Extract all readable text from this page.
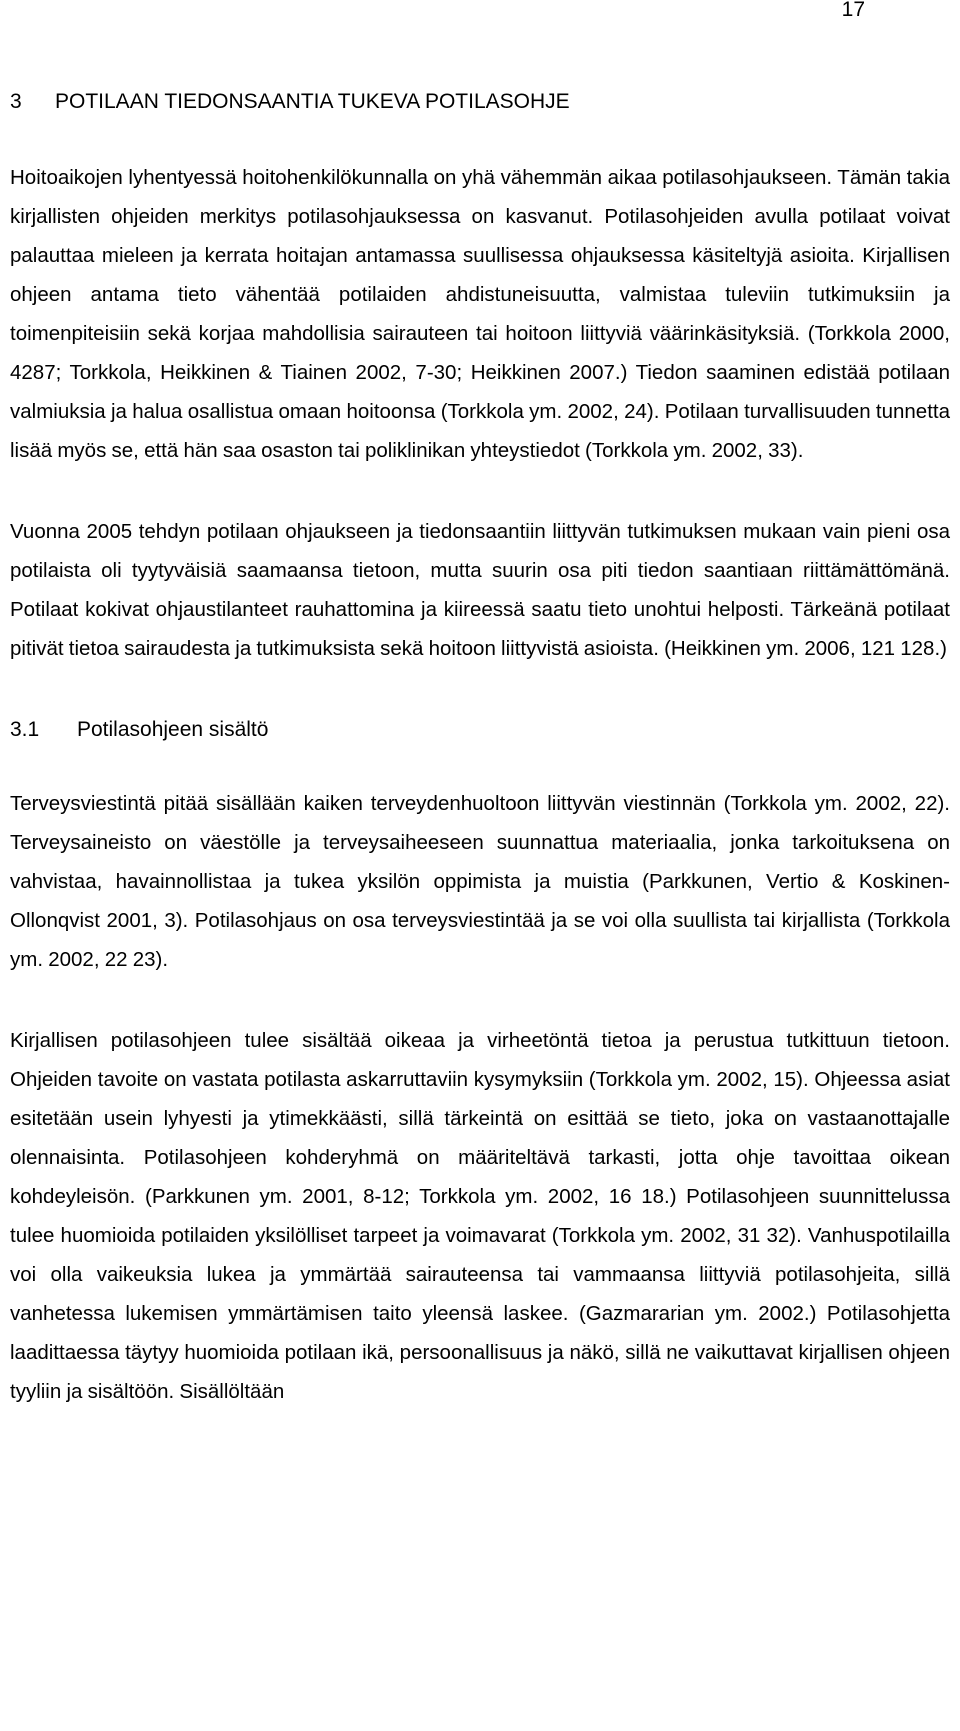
17
3 POTILAAN TIEDONSAANTIA TUKEVA POTILASOHJE

Hoitoaikojen lyhentyessä hoitohenkilökunnalla on yhä vähemmän aikaa potilasohjaukseen. Tämän takia kirjallisten ohjeiden merkitys potilasohjauksessa on kasvanut. Potilasohjeiden avulla potilaat voivat palauttaa mieleen ja kerrata hoitajan antamassa suullisessa ohjauksessa käsiteltyjä asioita. Kirjallisen ohjeen antama tieto vähentää potilaiden ahdistuneisuutta, valmistaa tuleviin tutkimuksiin ja toimenpiteisiin sekä korjaa mahdollisia sairauteen tai hoitoon liittyviä väärinkäsityksiä. (Torkkola 2000, 4287; Torkkola, Heikkinen & Tiainen 2002, 7-30; Heikkinen 2007.) Tiedon saaminen edistää potilaan valmiuksia ja halua osallistua omaan hoitoonsa (Torkkola ym. 2002, 24). Potilaan turvallisuuden tunnetta lisää myös se, että hän saa osaston tai poliklinikan yhteystiedot (Torkkola ym. 2002, 33).

Vuonna 2005 tehdyn potilaan ohjaukseen ja tiedonsaantiin liittyvän tutkimuksen mukaan vain pieni osa potilaista oli tyytyväisiä saamaansa tietoon, mutta suurin osa piti tiedon saantiaan riittämättömänä. Potilaat kokivat ohjaustilanteet rauhattomina ja kiireessä saatu tieto unohtui helposti. Tärkeänä potilaat pitivät tietoa sairaudesta ja tutkimuksista sekä hoitoon liittyvistä asioista. (Heikkinen ym. 2006, 121 128.)

3.1 Potilasohjeen sisältö

Terveysviestintä pitää sisällään kaiken terveydenhuoltoon liittyvän viestinnän (Torkkola ym. 2002, 22). Terveysaineisto on väestölle ja terveysaiheeseen suunnattua materiaalia, jonka tarkoituksena on vahvistaa, havainnollistaa ja tukea yksilön oppimista ja muistia (Parkkunen, Vertio & Koskinen-Ollonqvist 2001, 3). Potilasohjaus on osa terveysviestintää ja se voi olla suullista tai kirjallista (Torkkola ym. 2002, 22 23).

Kirjallisen potilasohjeen tulee sisältää oikeaa ja virheetöntä tietoa ja perustua tutkittuun tietoon. Ohjeiden tavoite on vastata potilasta askarruttaviin kysymyksiin (Torkkola ym. 2002, 15). Ohjeessa asiat esitetään usein lyhyesti ja ytimekkäästi, sillä tärkeintä on esittää se tieto, joka on vastaanottajalle olennaisinta. Potilasohjeen kohderyhmä on määriteltävä tarkasti, jotta ohje tavoittaa oikean kohdeyleisön. (Parkkunen ym. 2001, 8-12; Torkkola ym. 2002, 16 18.) Potilasohjeen suunnittelussa tulee huomioida potilaiden yksilölliset tarpeet ja voimavarat (Torkkola ym. 2002, 31 32). Vanhuspotilailla voi olla vaikeuksia lukea ja ymmärtää sairauteensa tai vammaansa liittyviä potilasohjeita, sillä vanhetessa lukemisen ymmärtämisen taito yleensä laskee. (Gazmararian ym. 2002.) Potilasohjetta laadittaessa täytyy huomioida potilaan ikä, persoonallisuus ja näkö, sillä ne vaikuttavat kirjallisen ohjeen tyyliin ja sisältöön. Sisällöltään
